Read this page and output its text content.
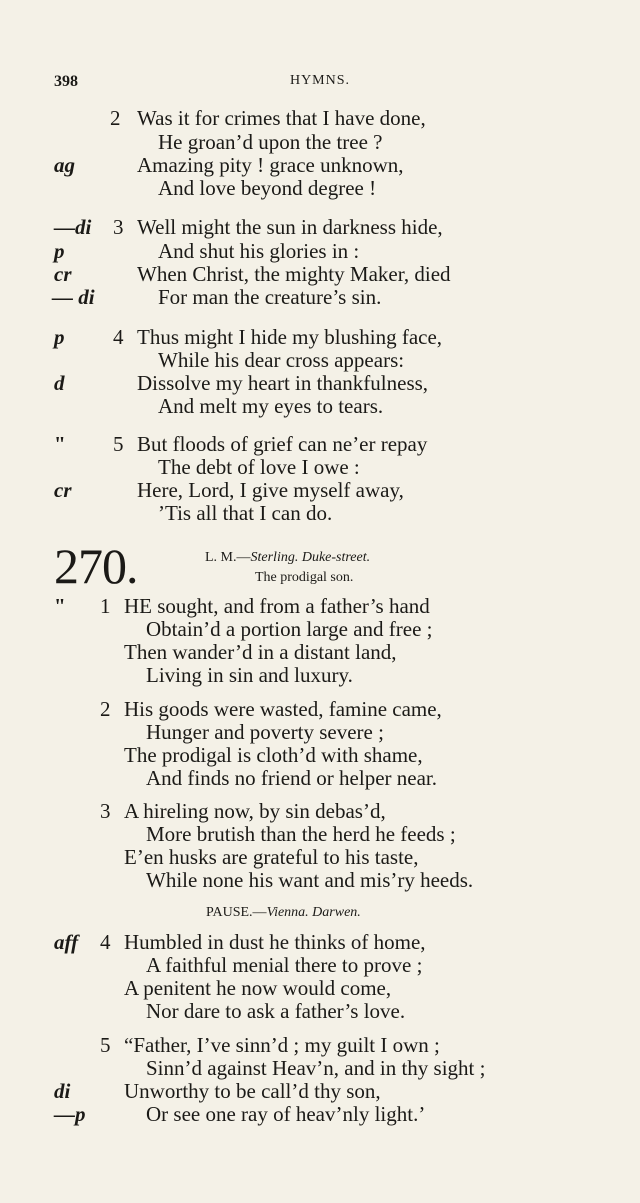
398	HYMNS.
2 Was it for crimes that I have done,
He groan’d upon the tree ?
ag	Amazing pity ! grace unknown,
And love beyond degree !
—di 3 Well might the sun in darkness hide,
p	And shut his glories in :
cr	When Christ, the mighty Maker, died
— di	For man the creature’s sin.
p 4 Thus might I hide my blushing face,
While his dear cross appears:
d	Dissolve my heart in thankfulness,
And melt my eyes to tears.
" 5 But floods of grief can ne’er repay
The debt of love I owe :
cr	Here, Lord, I give myself away,
’Tis all that I can do.
270.	L. M.—Sterling. Duke-street.
The prodigal son.
" 1 HE sought, and from a father’s hand
Obtain’d a portion large and free ;
Then wander’d in a distant land,
Living in sin and luxury.
2 His goods were wasted, famine came,
Hunger and poverty severe ;
The prodigal is cloth’d with shame,
And finds no friend or helper near.
3 A hireling now, by sin debas’d,
More brutish than the herd he feeds ;
E’en husks are grateful to his taste,
While none his want and mis’ry heeds.
PAUSE.—Vienna. Darwen.
aff 4 Humbled in dust he thinks of home,
A faithful menial there to prove ;
A penitent he now would come,
Nor dare to ask a father’s love.
5 “Father, I’ve sinn’d ; my guilt I own ;
Sinn’d against Heav’n, and in thy sight ;
di	Unworthy to be call’d thy son,
—p	Or see one ray of heav’nly light.’
